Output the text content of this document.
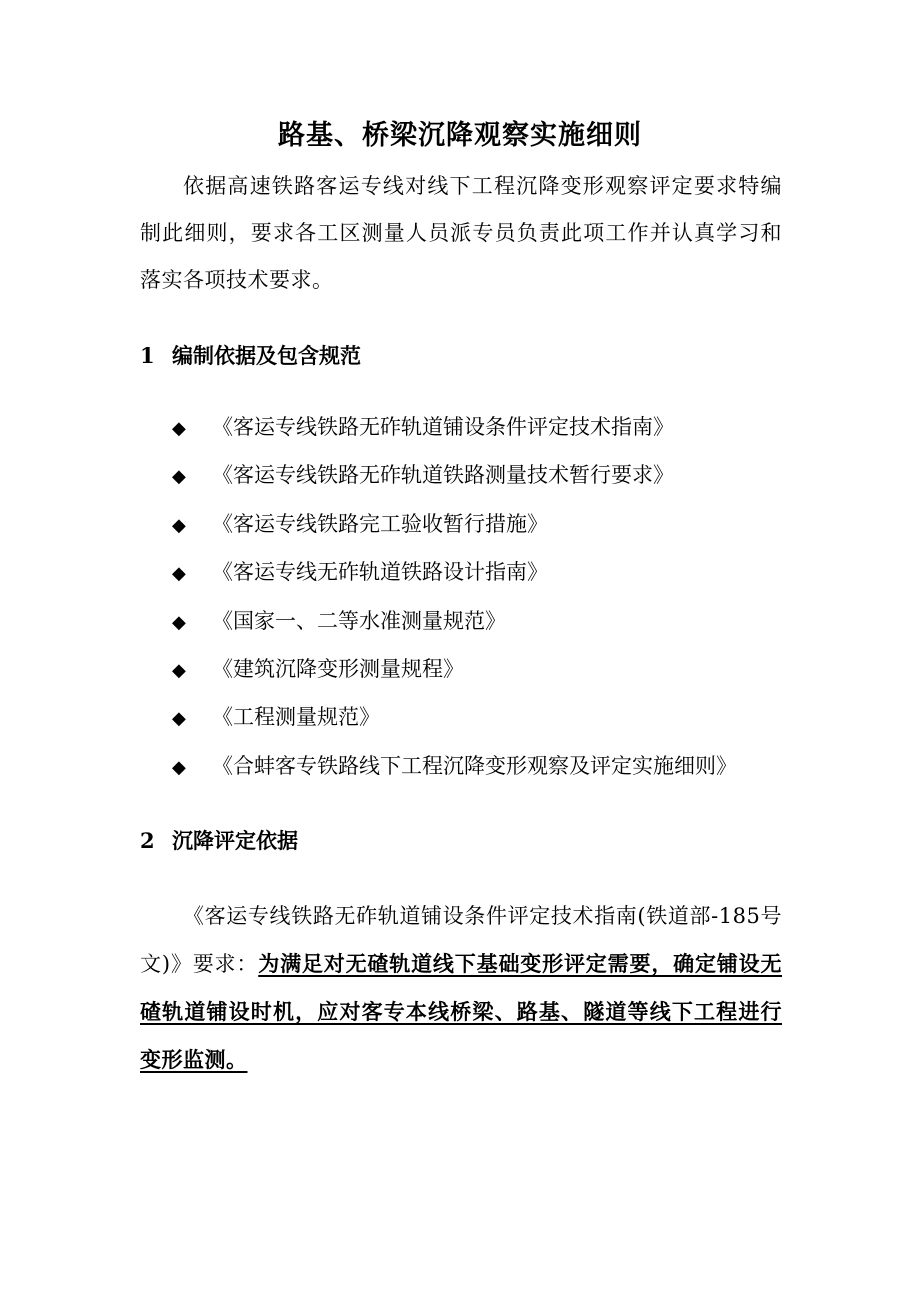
路基、桥梁沉降观察实施细则

依据高速铁路客运专线对线下工程沉降变形观察评定要求特编制此细则，要求各工区测量人员派专员负责此项工作并认真学习和落实各项技术要求。

1 编制依据及包含规范
◆ 《客运专线铁路无砟轨道铺设条件评定技术指南》
◆ 《客运专线铁路无砟轨道铁路测量技术暂行要求》
◆ 《客运专线铁路完工验收暂行措施》
◆ 《客运专线无砟轨道铁路设计指南》
◆ 《国家一、二等水准测量规范》
◆ 《建筑沉降变形测量规程》
◆ 《工程测量规范》
◆ 《合蚌客专铁路线下工程沉降变形观察及评定实施细则》
2 沉降评定依据

《客运专线铁路无砟轨道铺设条件评定技术指南(铁道部-185号文)》要求：为满足对无碴轨道线下基础变形评定需要，确定铺设无碴轨道铺设时机，应对客专本线桥梁、路基、隧道等线下工程进行变形监测。
